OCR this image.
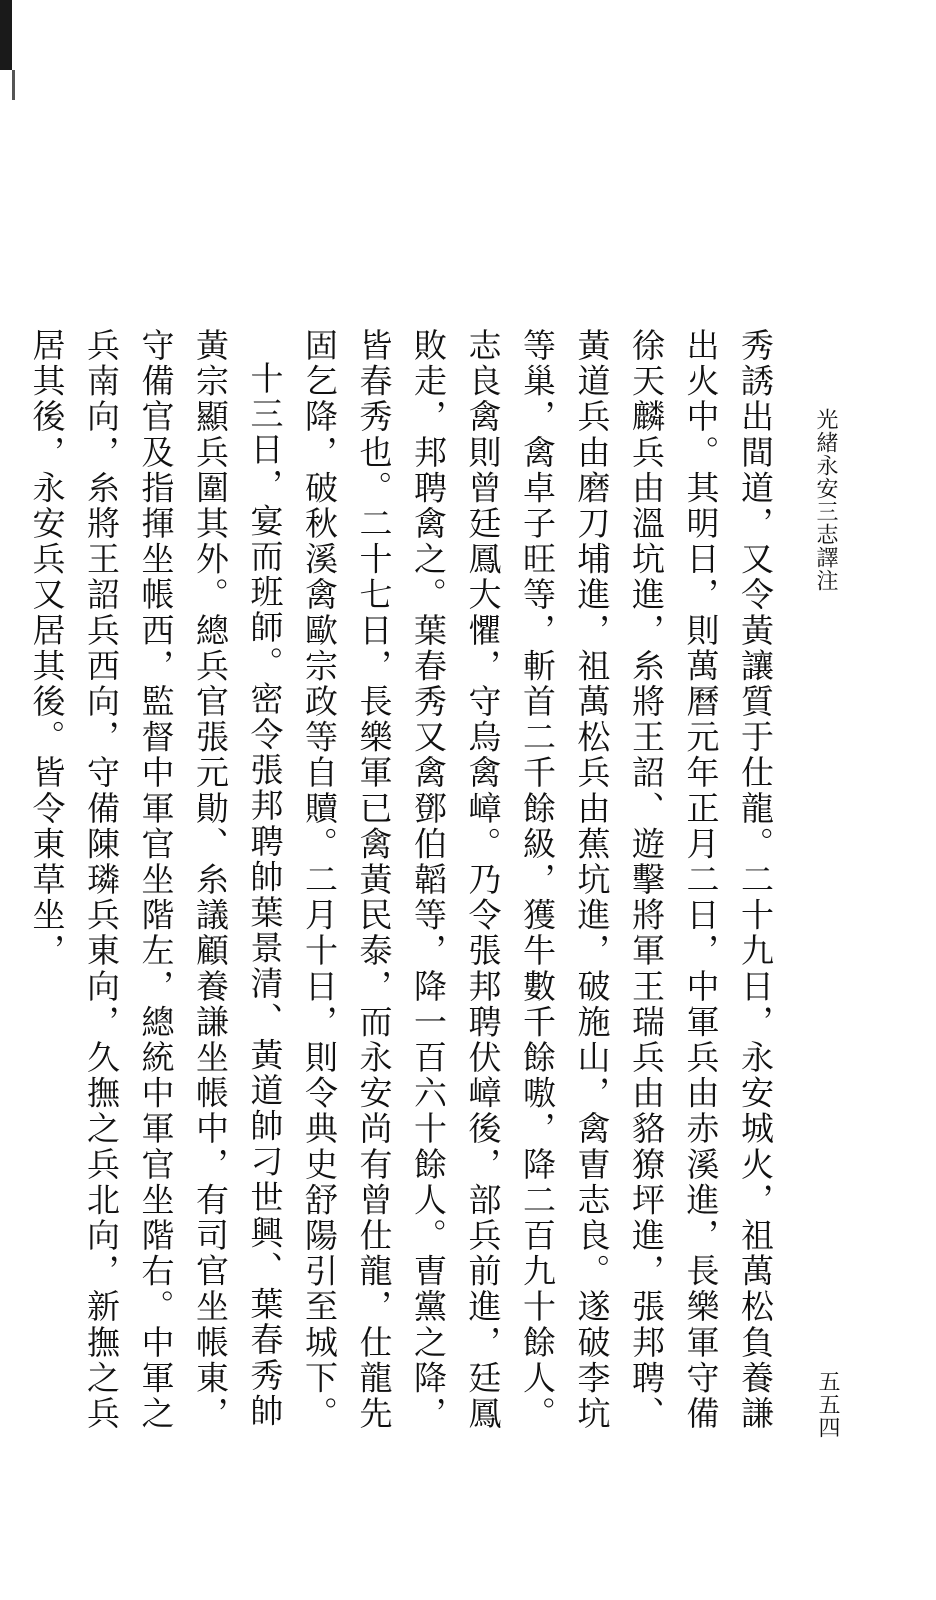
光緒永安三志譯注
五五四

秀誘出間道，又令黃讓質于仕龍。二十九日，永安城火，祖萬松負養謙出火中。其明日，則萬曆元年正月二日，中軍兵由赤溪進，長樂軍守備徐天麟兵由溫坑進，糸將王詔、遊擊將軍王瑞兵由貉獠坪進，張邦聘、黃道兵由磨刀埔進，祖萬松兵由蕉坑進，破施山，禽曺志良。遂破李坑等巢，禽卓子旺等，斬首二千餘級，獲牛數千餘嗷，降二百九十餘人。志良禽則曾廷鳳大懼，守烏禽嶂。乃令張邦聘伏嶂後，部兵前進，廷鳳敗走，邦聘禽之。葉春秀又禽鄧伯韜等，降一百六十餘人。曺黨之降，皆春秀也。二十七日，長樂軍已禽黃民泰，而永安尚有曾仕龍，仕龍先固乞降，破秋溪禽歐宗政等自贖。二月十日，則令典史舒陽引至城下。

十三日，宴而班師。密令張邦聘帥葉景清、黃道帥刁世興、葉春秀帥黃宗顯兵圍其外。總兵官張元勛、糸議顧養謙坐帳中，有司官坐帳東，守備官及指揮坐帳西，監督中軍官坐階左，總統中軍官坐階右。中軍之兵南向，糸將王詔兵西向，守備陳璘兵東向，久撫之兵北向，新撫之兵居其後，永安兵又居其後。皆令東草坐，
